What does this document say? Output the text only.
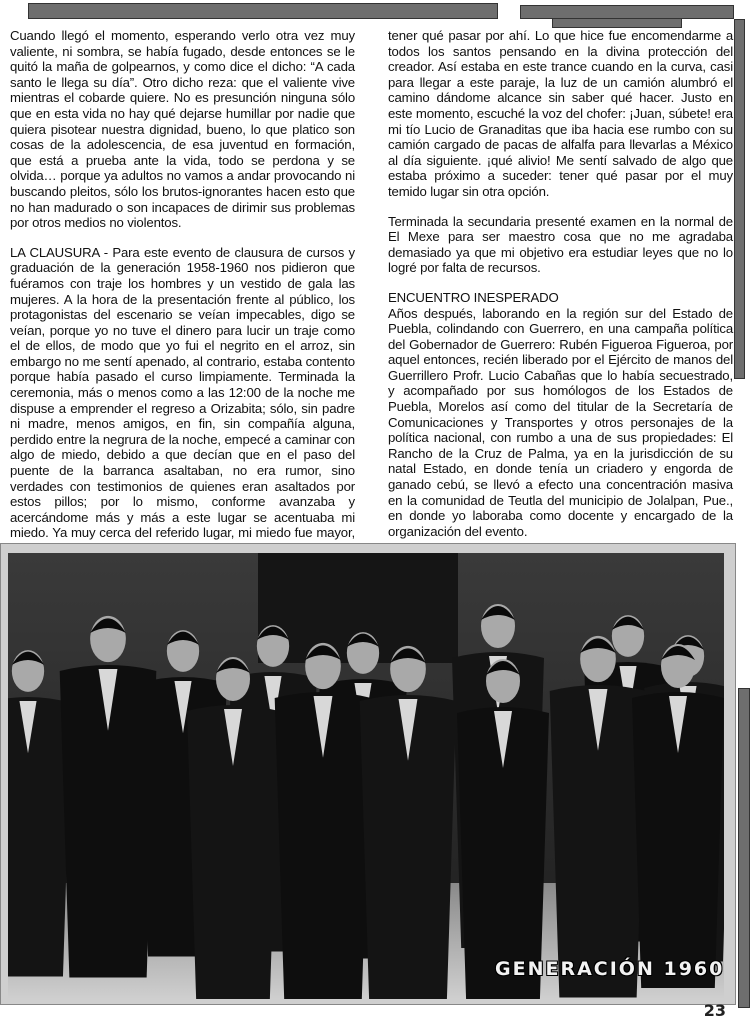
Cuando llegó el momento, esperando verlo otra vez muy valiente, ni sombra, se había fugado, desde entonces se le quitó la maña de golpearnos, y como dice el dicho: “A cada santo le llega su día”. Otro dicho reza: que el valiente vive mientras el cobarde quiere. No es presunción ninguna sólo que en esta vida no hay qué dejarse humillar por nadie que quiera pisotear nuestra dignidad, bueno, lo que platico son cosas de la adolescencia, de esa juventud en formación, que está a prueba ante la vida, todo se perdona y se olvida… porque ya adultos no vamos a andar provocando ni buscando pleitos, sólo los brutos-ignorantes hacen esto que no han madurado o son incapaces de dirimir sus problemas por otros medios no violentos.

LA CLAUSURA - Para este evento de clausura de cursos y graduación de la generación 1958-1960 nos pidieron que fuéramos con traje los hombres y un vestido de gala las mujeres. A la hora de la presentación frente al público, los protagonistas del escenario se veían impecables, digo se veían, porque yo no tuve el dinero para lucir un traje como el de ellos, de modo que yo fui el negrito en el arroz, sin embargo no me sentí apenado, al contrario, estaba contento porque había pasado el curso limpiamente. Terminada la ceremonia, más o menos como a las 12:00 de la noche me dispuse a emprender el regreso a Orizabita; sólo, sin padre ni madre, menos amigos, en fin, sin compañía alguna, perdido entre la negrura de la noche, empecé a caminar con algo de miedo, debido a que decían que en el paso del puente de la barranca asaltaban, no era rumor, sino verdades con testimonios de quienes eran asaltados por estos pillos; por lo mismo, conforme avanzaba y acercándome más y más a este lugar se acentuaba mi miedo. Ya muy cerca del referido lugar, mi miedo fue mayor,

tener qué pasar por ahí. Lo que hice fue encomendarme a todos los santos pensando en la divina protección del creador. Así estaba en este trance cuando en la curva, casi para llegar a este paraje, la luz de un camión alumbró el camino dándome alcance sin saber qué hacer. Justo en este momento, escuché la voz del chofer: ¡Juan, súbete! era mi tío Lucio de Granaditas que iba hacia ese rumbo con su camión cargado de pacas de alfalfa para llevarlas a México al día siguiente. ¡qué alivio! Me sentí salvado de algo que estaba próximo a suceder: tener qué pasar por el muy temido lugar sin otra opción.

Terminada la secundaria presenté examen en la normal de El Mexe para ser maestro cosa que no me agradaba demasiado ya que mi objetivo era estudiar leyes que no lo logré por falta de recursos.

ENCUENTRO INESPERADO

Años después, laborando en la región sur del Estado de Puebla, colindando con Guerrero, en una campaña política del Gobernador de Guerrero: Rubén Figueroa Figueroa, por aquel entonces, recién liberado por el Ejército de manos del Guerrillero Profr. Lucio Cabañas que lo había secuestrado, y acompañado por sus homólogos de los Estados de Puebla, Morelos así como del titular de la Secretaría de Comunicaciones y Transportes y otros personajes de la política nacional, con rumbo a una de sus propiedades: El Rancho de la Cruz de Palma, ya en la jurisdicción de su natal Estado, en donde tenía un criadero y engorda de ganado cebú, se llevó a efecto una concentración masiva en la comunidad de Teutla del municipio de Jolalpan, Pue., en donde yo laboraba como docente y encargado de la organización del evento.

GENERACIÓN 1960
23
